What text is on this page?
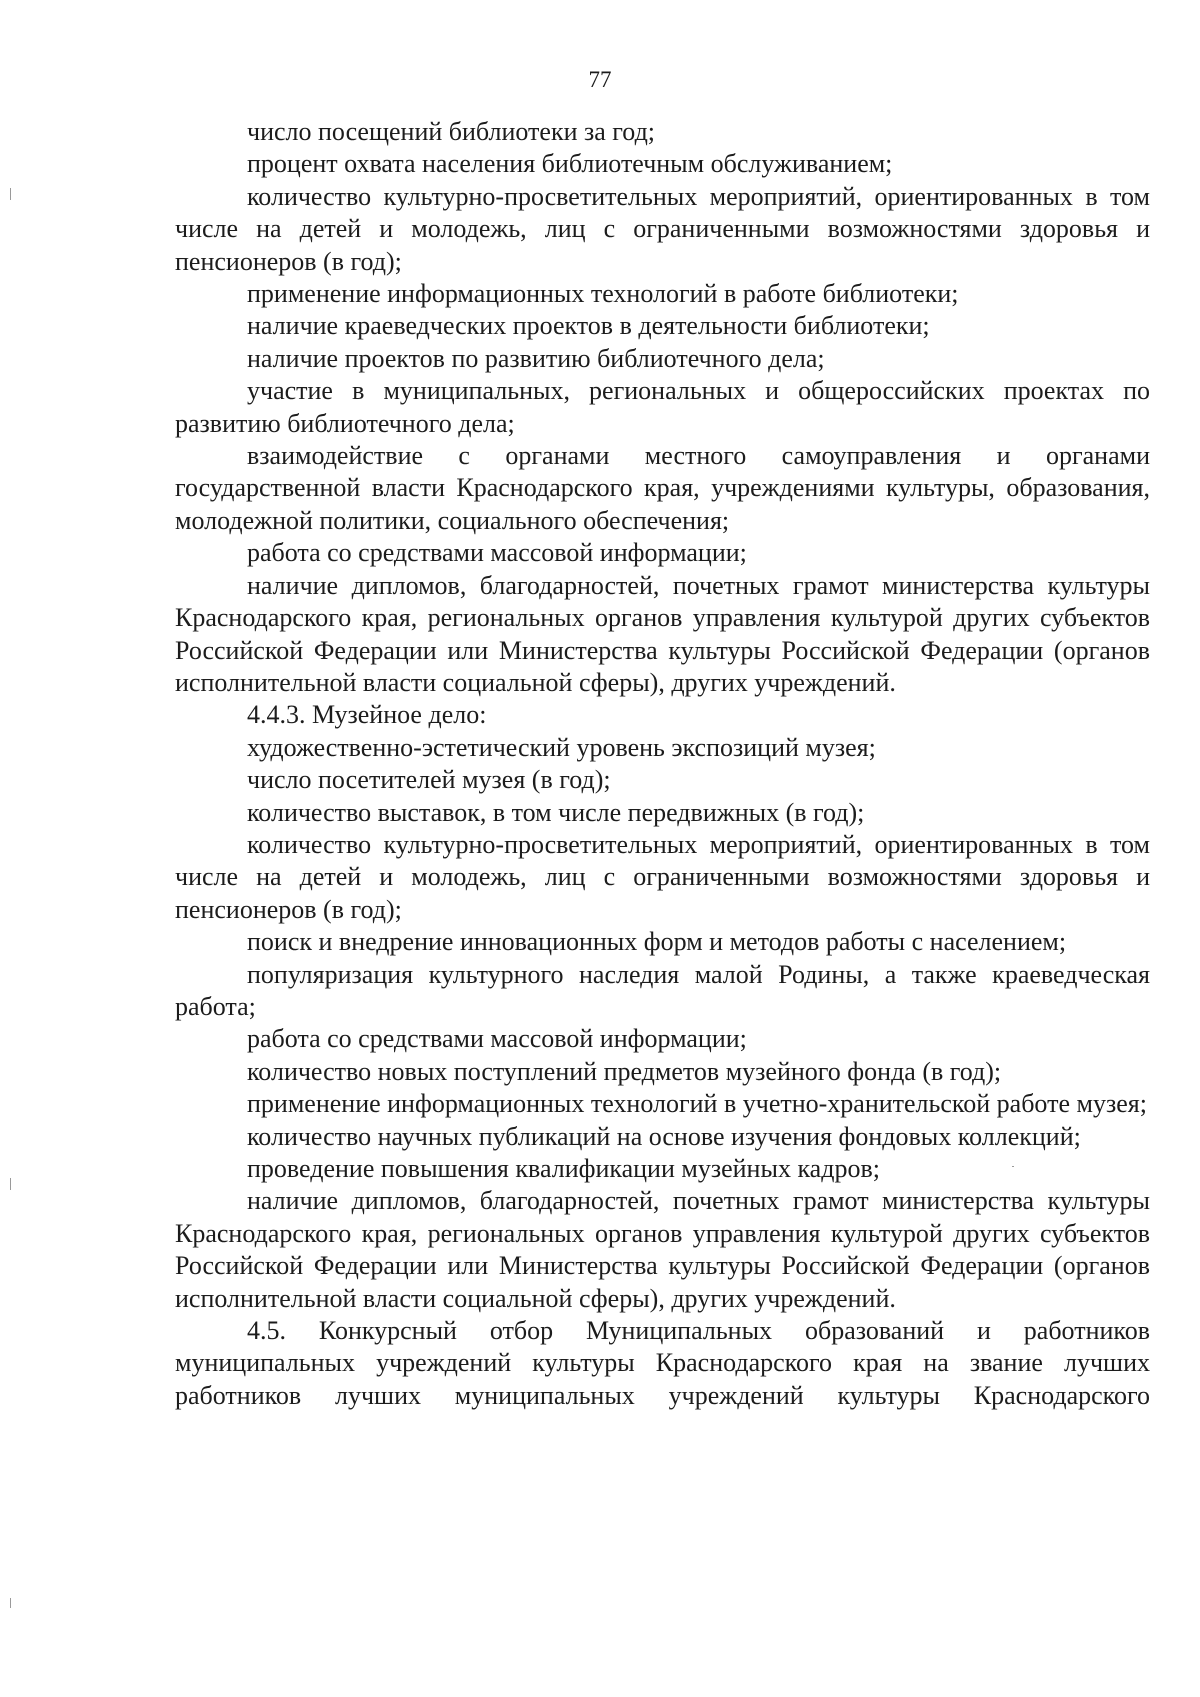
77

число посещений библиотеки за год;

процент охвата населения библиотечным обслуживанием;

количество культурно-просветительных мероприятий, ориентированных в том числе на детей и молодежь, лиц с ограниченными возможностями здоровья и пенсионеров (в год);

применение информационных технологий в работе библиотеки;

наличие краеведческих проектов в деятельности библиотеки;

наличие проектов по развитию библиотечного дела;

участие в муниципальных, региональных и общероссийских проектах по развитию библиотечного дела;

взаимодействие с органами местного самоуправления и органами государственной власти Краснодарского края, учреждениями культуры, образования, молодежной политики, социального обеспечения;

работа со средствами массовой информации;

наличие дипломов, благодарностей, почетных грамот министерства культуры Краснодарского края, региональных органов управления культурой других субъектов Российской Федерации или Министерства культуры Российской Федерации (органов исполнительной власти социальной сферы), других учреждений.

4.4.3. Музейное дело:

художественно-эстетический уровень экспозиций музея;

число посетителей музея (в год);

количество выставок, в том числе передвижных (в год);

количество культурно-просветительных мероприятий, ориентированных в том числе на детей и молодежь, лиц с ограниченными возможностями здоровья и пенсионеров (в год);

поиск и внедрение инновационных форм и методов работы с населением;

популяризация культурного наследия малой Родины, а также краеведческая работа;

работа со средствами массовой информации;

количество новых поступлений предметов музейного фонда (в год);

применение информационных технологий в учетно-хранительской работе музея;

количество научных публикаций на основе изучения фондовых коллекций;

проведение повышения квалификации музейных кадров;

наличие дипломов, благодарностей, почетных грамот министерства культуры Краснодарского края, региональных органов управления культурой других субъектов Российской Федерации или Министерства культуры Российской Федерации (органов исполнительной власти социальной сферы), других учреждений.

4.5. Конкурсный отбор Муниципальных образований и работников муниципальных учреждений культуры Краснодарского края на звание лучших работников лучших муниципальных учреждений культуры Краснодарского
